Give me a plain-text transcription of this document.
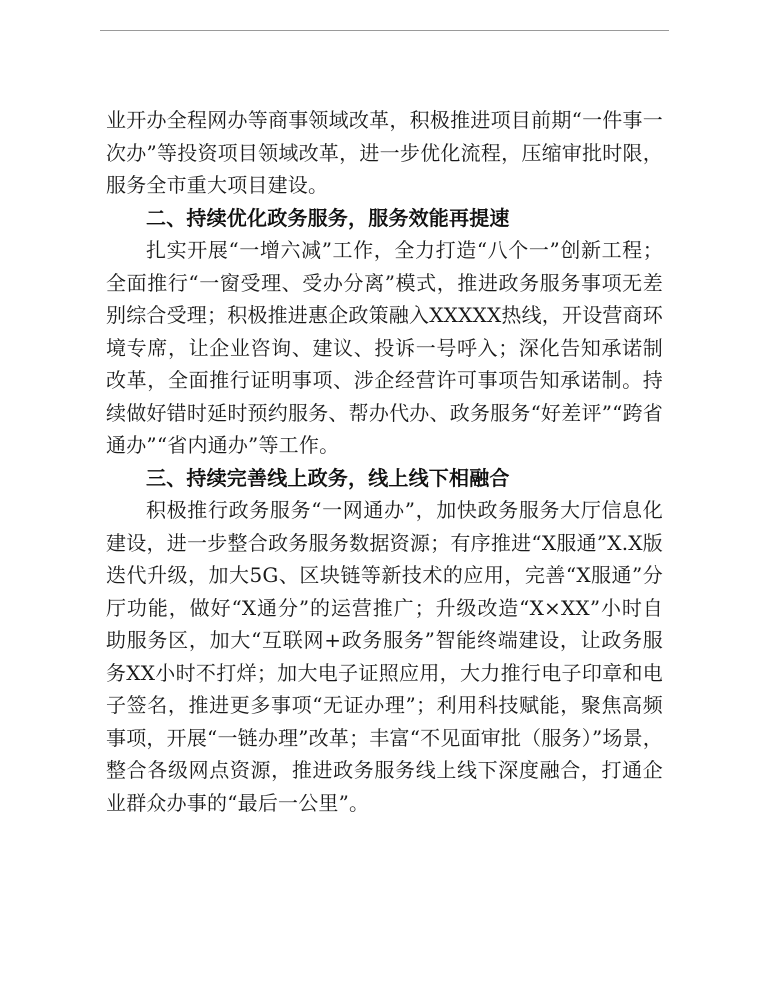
业开办全程网办等商事领域改革，积极推进项目前期“一件事一次办”等投资项目领域改革，进一步优化流程，压缩审批时限，服务全市重大项目建设。

二、持续优化政务服务，服务效能再提速

扎实开展“一增六减”工作，全力打造“八个一”创新工程；全面推行“一窗受理、受办分离”模式，推进政务服务事项无差别综合受理；积极推进惠企政策融入XXXXX热线，开设营商环境专席，让企业咨询、建议、投诉一号呼入；深化告知承诺制改革，全面推行证明事项、涉企经营许可事项告知承诺制。持续做好错时延时预约服务、帮办代办、政务服务“好差评”“跨省通办”“省内通办”等工作。

三、持续完善线上政务，线上线下相融合

积极推行政务服务“一网通办”，加快政务服务大厅信息化建设，进一步整合政务服务数据资源；有序推进“X服通”X.X版迭代升级，加大5G、区块链等新技术的应用，完善“X服通”分厅功能，做好“X通分”的运营推广；升级改造“X×XX”小时自助服务区，加大“互联网+政务服务”智能终端建设，让政务服务XX小时不打烊；加大电子证照应用，大力推行电子印章和电子签名，推进更多事项“无证办理”；利用科技赋能，聚焦高频事项，开展“一链办理”改革；丰富“不见面审批（服务）”场景，整合各级网点资源，推进政务服务线上线下深度融合，打通企业群众办事的“最后一公里”。
